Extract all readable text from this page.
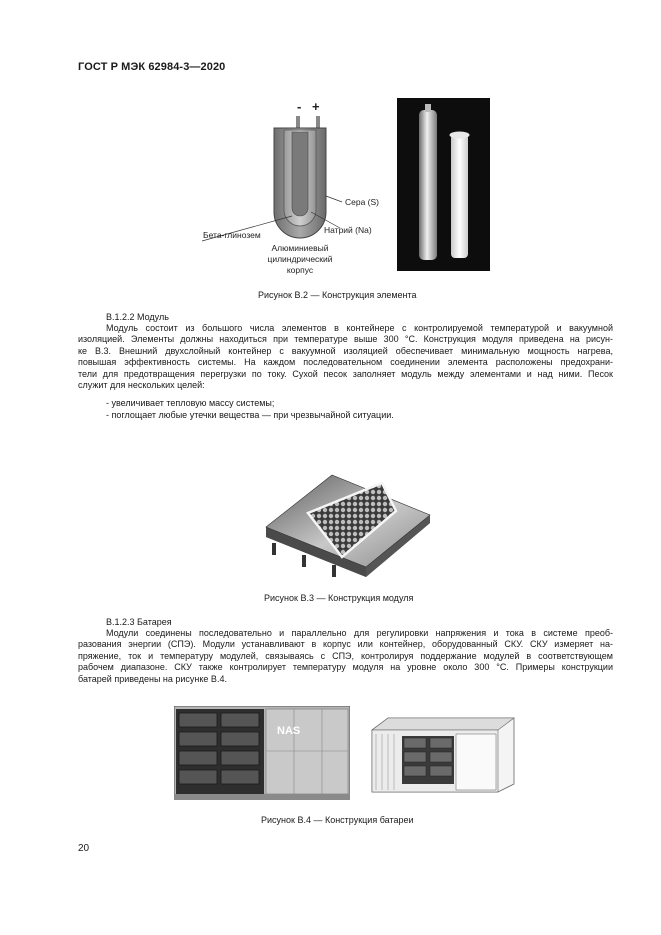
ГОСТ Р МЭК 62984-3—2020
- +
Сера (S)
Бета-глинозем	Натрий (Na)
Алюминиевый
цилиндрический
корпус
Рисунок В.2 — Конструкция элемента
В.1.2.2 Модуль
Модуль состоит из большого числа элементов в контейнере с контролируемой температурой и вакуумной
изоляцией. Элементы должны находиться при температуре выше 300 °С. Конструкция модуля приведена на рисун-
ке В.3. Внешний двухслойный контейнер с вакуумной изоляцией обеспечивает минимальную мощность нагрева,
повышая эффективность системы. На каждом последовательном соединении элемента расположены предохрани-
тели для предотвращения перегрузки по току. Сухой песок заполняет модуль между элементами и над ними. Песок
служит для нескольких целей:
- увеличивает тепловую массу системы;
- поглощает любые утечки вещества — при чрезвычайной ситуации.
Рисунок В.3 — Конструкция модуля
В.1.2.3 Батарея
Модули соединены последовательно и параллельно для регулировки напряжения и тока в системе преоб-
разования энергии (СПЭ). Модули устанавливают в корпус или контейнер, оборудованный СКУ. СКУ измеряет на-
пряжение, ток и температуру модулей, связываясь с СПЭ, контролируя поддержание модулей в соответствующем
рабочем диапазоне. СКУ также контролирует температуру модуля на уровне около 300 °С. Примеры конструкции
батарей приведены на рисунке В.4.
NAS
Рисунок В.4 — Конструкция батареи
20
